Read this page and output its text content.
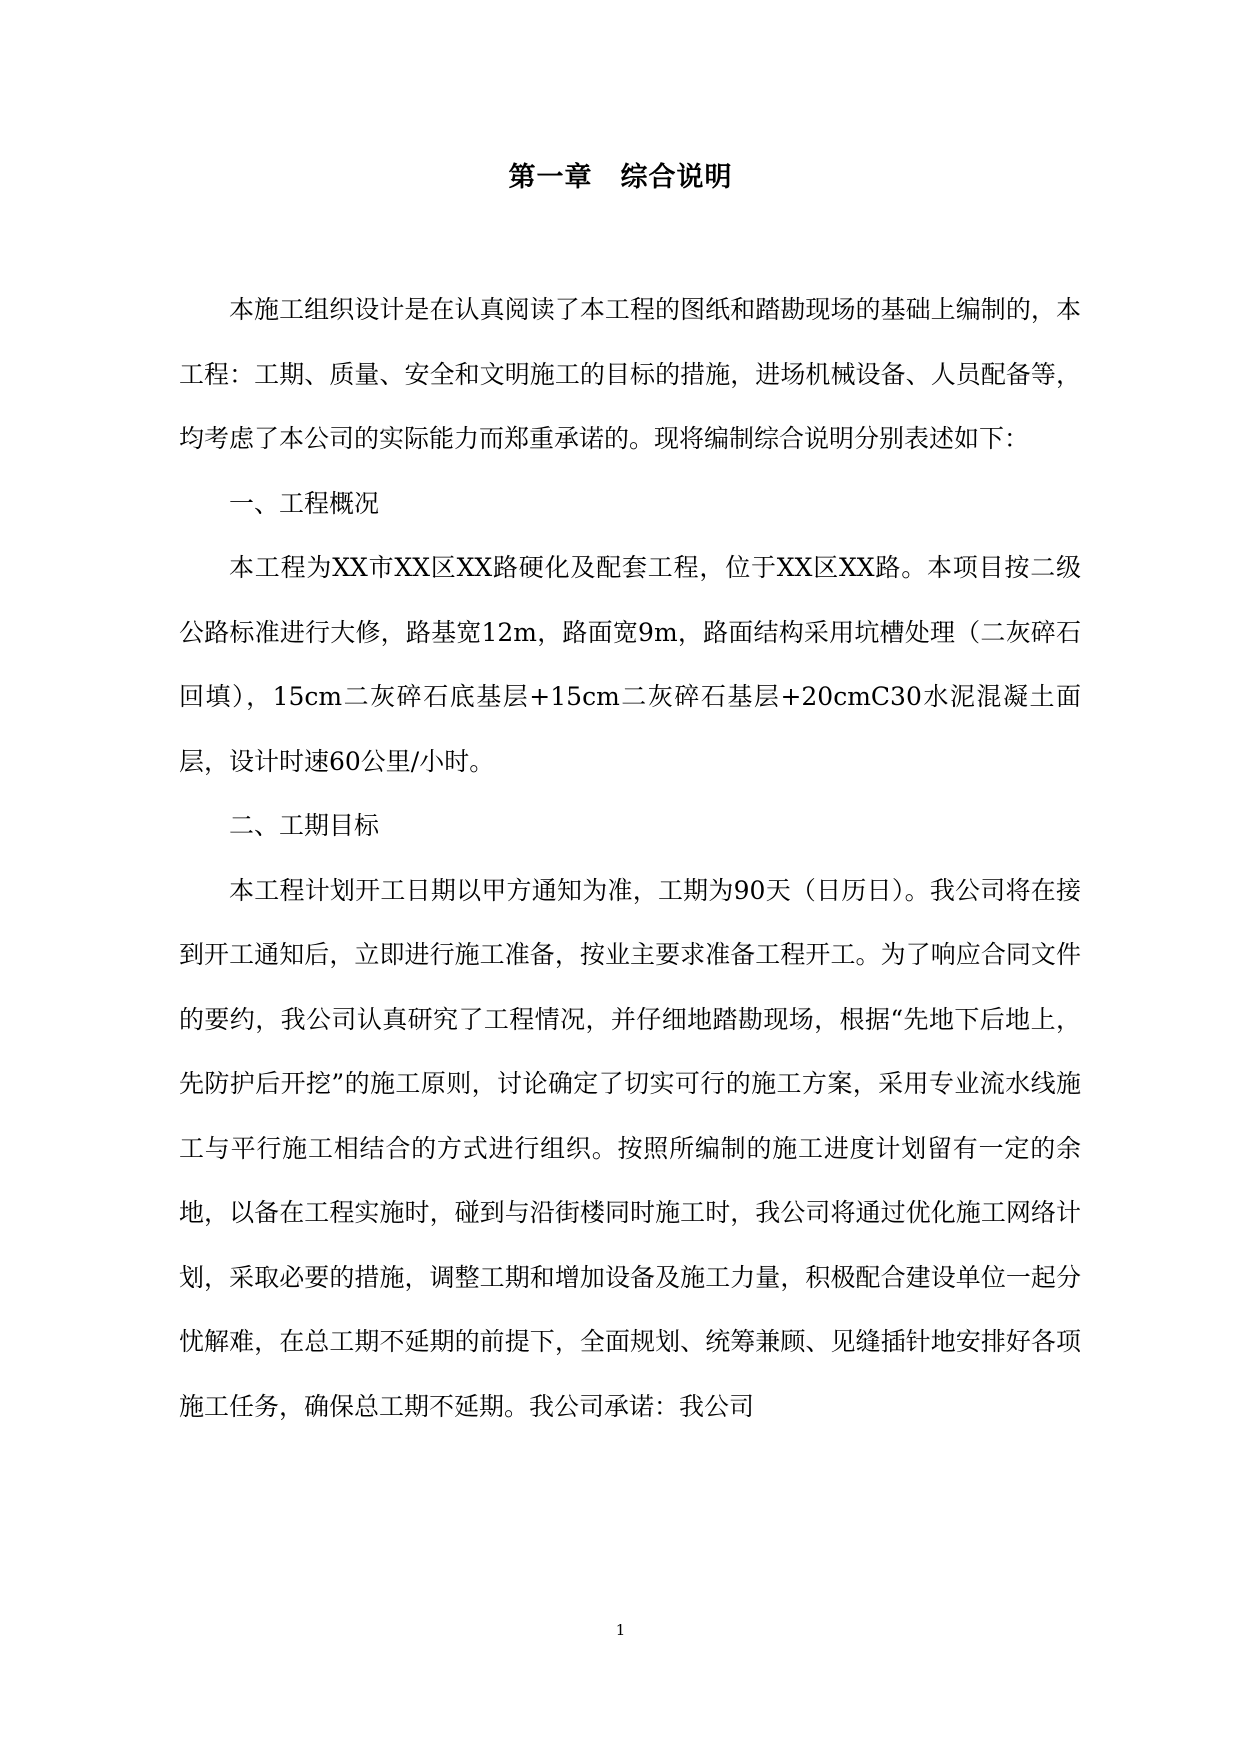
第一章 综合说明

本施工组织设计是在认真阅读了本工程的图纸和踏勘现场的基础上编制的，本工程：工期、质量、安全和文明施工的目标的措施，进场机械设备、人员配备等，均考虑了本公司的实际能力而郑重承诺的。现将编制综合说明分别表述如下：

一、工程概况

本工程为XX市XX区XX路硬化及配套工程，位于XX区XX路。本项目按二级公路标准进行大修，路基宽12m，路面宽9m，路面结构采用坑槽处理（二灰碎石回填），15cm二灰碎石底基层+15cm二灰碎石基层+20cmC30水泥混凝土面层，设计时速60公里/小时。

二、工期目标

本工程计划开工日期以甲方通知为准，工期为90天（日历日）。我公司将在接到开工通知后，立即进行施工准备，按业主要求准备工程开工。为了响应合同文件的要约，我公司认真研究了工程情况，并仔细地踏勘现场，根据“先地下后地上，先防护后开挖”的施工原则，讨论确定了切实可行的施工方案，采用专业流水线施工与平行施工相结合的方式进行组织。按照所编制的施工进度计划留有一定的余地，以备在工程实施时，碰到与沿街楼同时施工时，我公司将通过优化施工网络计划，采取必要的措施，调整工期和增加设备及施工力量，积极配合建设单位一起分忧解难，在总工期不延期的前提下，全面规划、统筹兼顾、见缝插针地安排好各项施工任务，确保总工期不延期。我公司承诺：我公司

1
